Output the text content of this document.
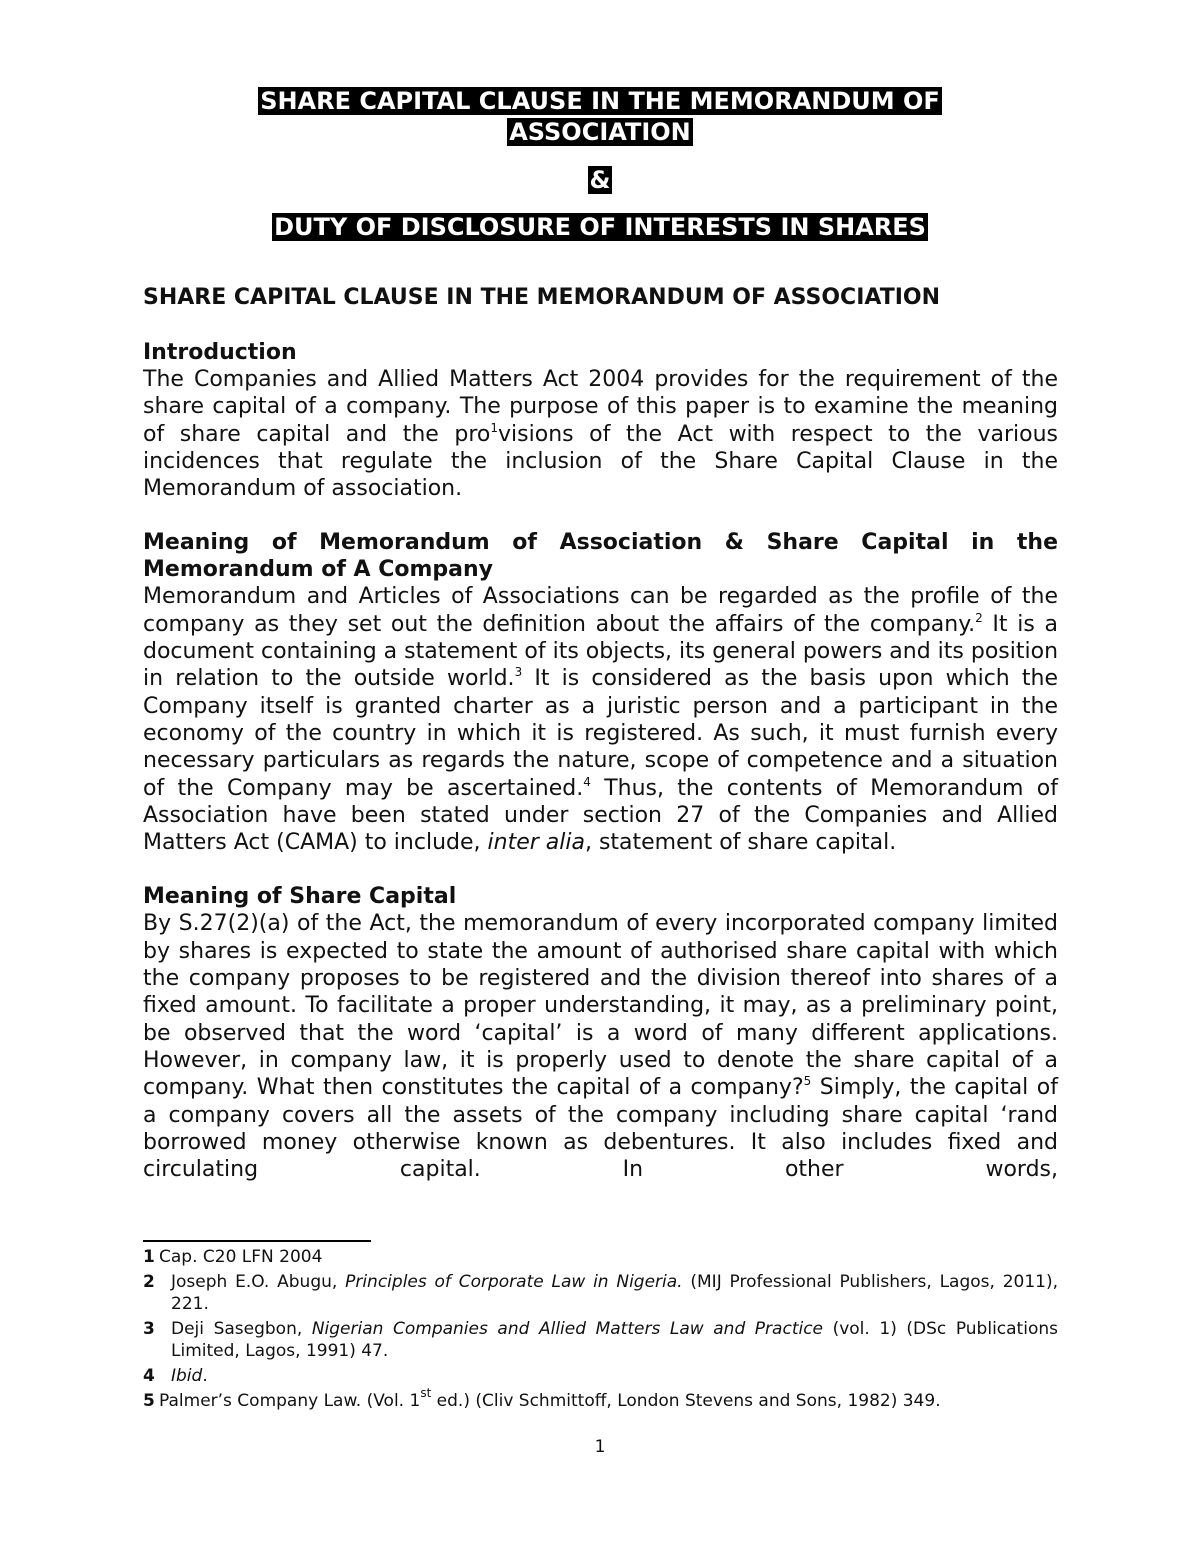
SHARE CAPITAL CLAUSE IN THE MEMORANDUM OF
ASSOCIATION
&
DUTY OF DISCLOSURE OF INTERESTS IN SHARES
SHARE CAPITAL CLAUSE IN THE MEMORANDUM OF ASSOCIATION
Introduction

The Companies and Allied Matters Act 2004 provides for the requirement of the share capital of a company. The purpose of this paper is to examine the meaning of share capital and the pro$^1$visions of the Act with respect to the various incidences that regulate the inclusion of the Share Capital Clause in the Memorandum of association.

Meaning of Memorandum of Association & Share Capital in the Memorandum of A Company

Memorandum and Articles of Associations can be regarded as the profile of the company as they set out the definition about the affairs of the company.$^2$ It is a document containing a statement of its objects, its general powers and its position in relation to the outside world.$^3$ It is considered as the basis upon which the Company itself is granted charter as a juristic person and a participant in the economy of the country in which it is registered. As such, it must furnish every necessary particulars as regards the nature, scope of competence and a situation of the Company may be ascertained.$^4$ Thus, the contents of Memorandum of Association have been stated under section 27 of the Companies and Allied Matters Act (CAMA) to include, inter alia, statement of share capital.

Meaning of Share Capital

By S.27(2)(a) of the Act, the memorandum of every incorporated company limited by shares is expected to state the amount of authorised share capital with which the company proposes to be registered and the division thereof into shares of a fixed amount. To facilitate a proper understanding, it may, as a preliminary point, be observed that the word ‘capital’ is a word of many different applications. However, in company law, it is properly used to denote the share capital of a company. What then constitutes the capital of a company?$^5$ Simply, the capital of a company covers all the assets of the company including share capital ‘rand borrowed money otherwise known as debentures. It also includes fixed and circulating capital. In other words,

1 Cap. C20 LFN 2004
2 Joseph E.O. Abugu, Principles of Corporate Law in Nigeria. (MIJ Professional Publishers, Lagos, 2011), 221.
3 Deji Sasegbon, Nigerian Companies and Allied Matters Law and Practice (vol. 1) (DSc Publications Limited, Lagos, 1991) 47.
4 Ibid.
5 Palmer’s Company Law. (Vol. 1st ed.) (Cliv Schmittoff, London Stevens and Sons, 1982) 349.
1
